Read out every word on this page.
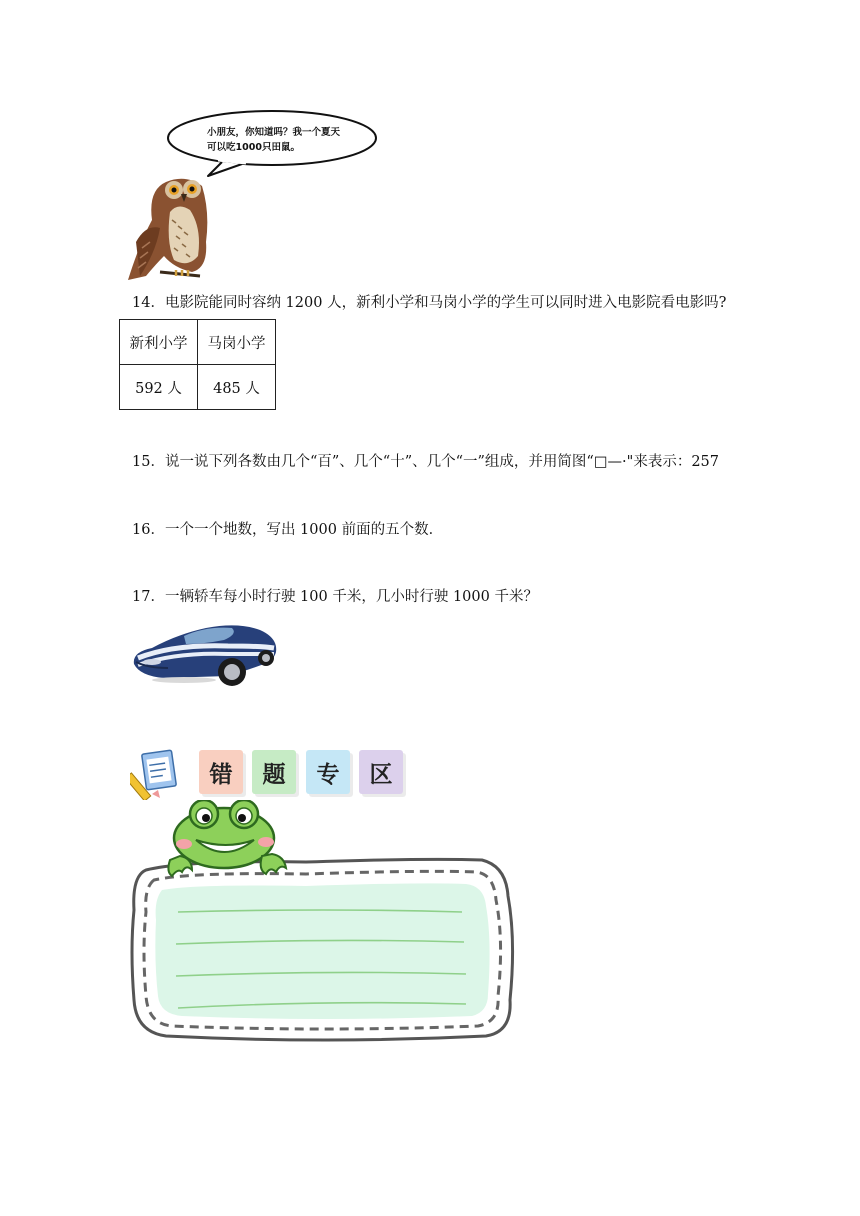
小朋友，你知道吗？我一个夏天
可以吃1000只田鼠。
14．电影院能同时容纳 1200 人，新利小学和马岗小学的学生可以同时进入电影院看电影吗?
新利小学	马岗小学
592 人	485 人
15．说一说下列各数由几个“百”、几个“十”、几个“一”组成，并用简图“□—·"来表示：257
16．一个一个地数，写出 1000 前面的五个数．
17．一辆轿车每小时行驶 100 千米，几小时行驶 1000 千米？
错	题	专	区
